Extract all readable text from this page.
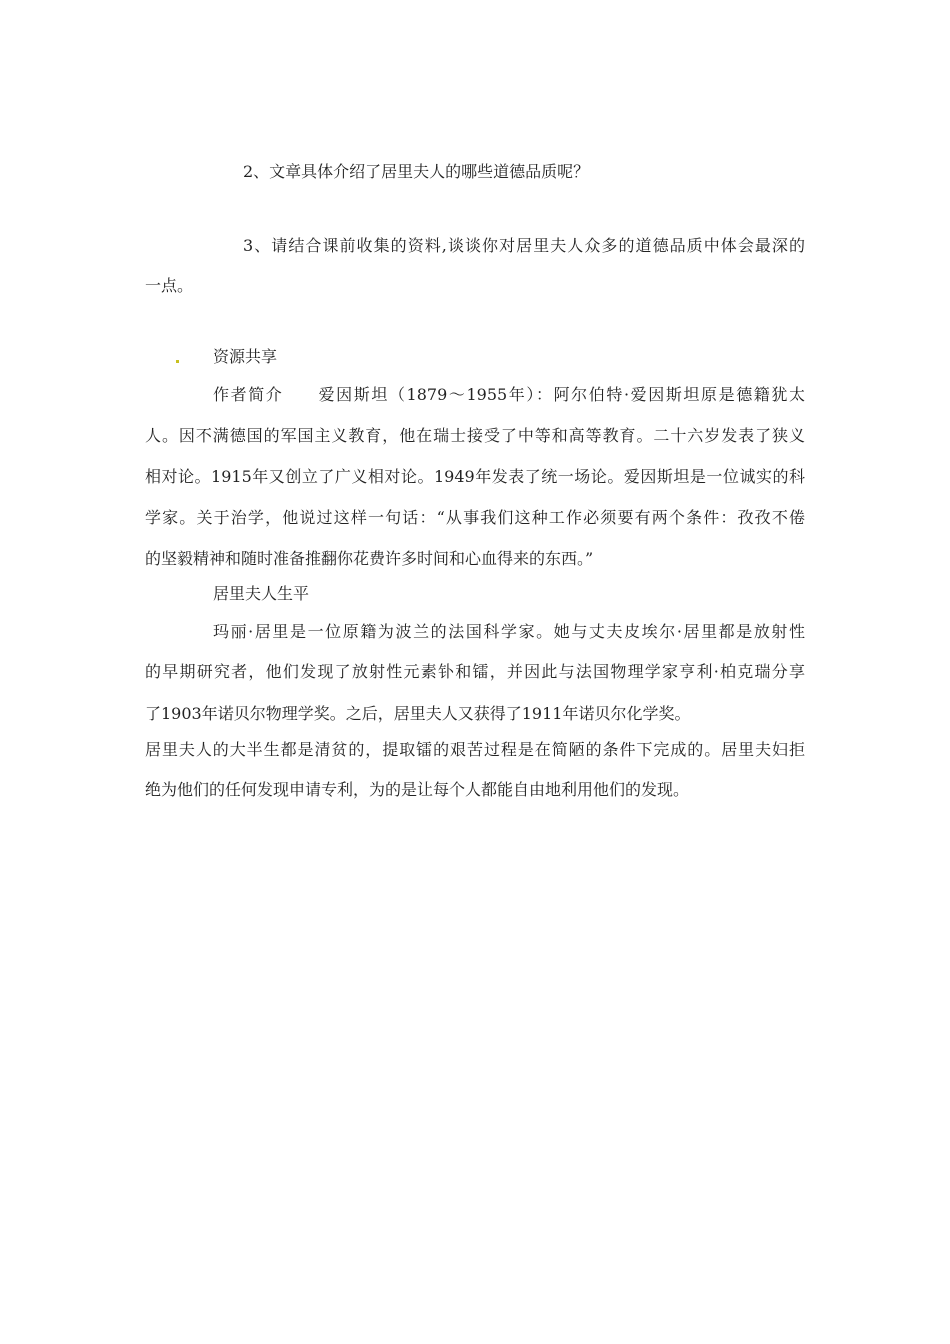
2、文章具体介绍了居里夫人的哪些道德品质呢？
3、请结合课前收集的资料,谈谈你对居里夫人众多的道德品质中体会最深的
一点。
资源共享
作者简介　　爱因斯坦（1879～1955年）：阿尔伯特·爱因斯坦原是德籍犹太
人。因不满德国的军国主义教育，他在瑞士接受了中等和高等教育。二十六岁发表了狭义
相对论。1915年又创立了广义相对论。1949年发表了统一场论。爱因斯坦是一位诚实的科
学家。关于治学，他说过这样一句话：“从事我们这种工作必须要有两个条件：孜孜不倦
的坚毅精神和随时准备推翻你花费许多时间和心血得来的东西。”
居里夫人生平
玛丽·居里是一位原籍为波兰的法国科学家。她与丈夫皮埃尔·居里都是放射性
的早期研究者，他们发现了放射性元素钋和镭，并因此与法国物理学家亨利·柏克瑞分享
了1903年诺贝尔物理学奖。之后，居里夫人又获得了1911年诺贝尔化学奖。
居里夫人的大半生都是清贫的，提取镭的艰苦过程是在简陋的条件下完成的。居里夫妇拒
绝为他们的任何发现申请专利，为的是让每个人都能自由地利用他们的发现。
